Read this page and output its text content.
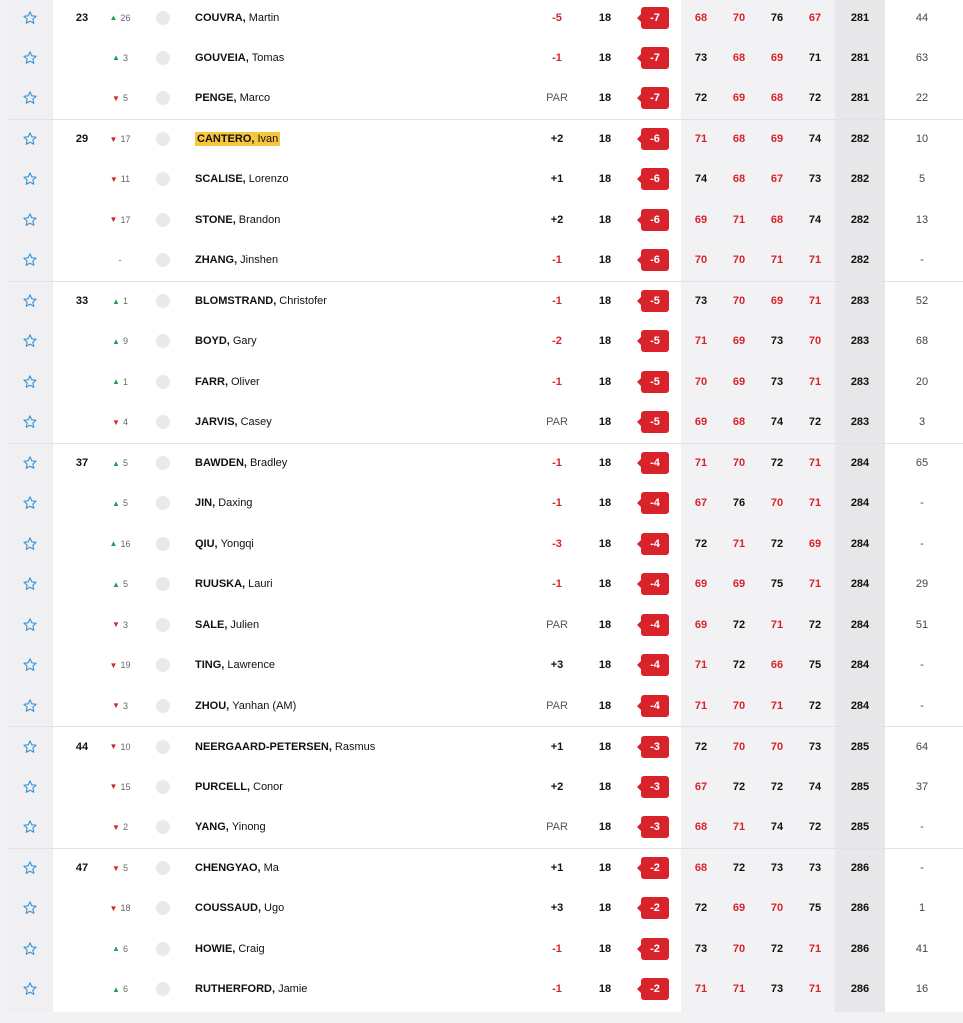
23	▲ 26	COUVRA, Martin	-5	18	-7	68	70	76	67	281	44
▲ 3	GOUVEIA, Tomas	-1	18	-7	73	68	69	71	281	63
▼ 5	PENGE, Marco	PAR	18	-7	72	69	68	72	281	22
29	▼ 17	CANTERO, Ivan	+2	18	-6	71	68	69	74	282	10
▼ 11	SCALISE, Lorenzo	+1	18	-6	74	68	67	73	282	5
▼ 17	STONE, Brandon	+2	18	-6	69	71	68	74	282	13
-	ZHANG, Jinshen	-1	18	-6	70	70	71	71	282	-
33	▲ 1	BLOMSTRAND, Christofer	-1	18	-5	73	70	69	71	283	52
▲ 9	BOYD, Gary	-2	18	-5	71	69	73	70	283	68
▲ 1	FARR, Oliver	-1	18	-5	70	69	73	71	283	20
▼ 4	JARVIS, Casey	PAR	18	-5	69	68	74	72	283	3
37	▲ 5	BAWDEN, Bradley	-1	18	-4	71	70	72	71	284	65
▲ 5	JIN, Daxing	-1	18	-4	67	76	70	71	284	-
▲ 16	QIU, Yongqi	-3	18	-4	72	71	72	69	284	-
▲ 5	RUUSKA, Lauri	-1	18	-4	69	69	75	71	284	29
▼ 3	SALE, Julien	PAR	18	-4	69	72	71	72	284	51
▼ 19	TING, Lawrence	+3	18	-4	71	72	66	75	284	-
▼ 3	ZHOU, Yanhan (AM)	PAR	18	-4	71	70	71	72	284	-
44	▼ 10	NEERGAARD-PETERSEN, Rasmus	+1	18	-3	72	70	70	73	285	64
▼ 15	PURCELL, Conor	+2	18	-3	67	72	72	74	285	37
▼ 2	YANG, Yinong	PAR	18	-3	68	71	74	72	285	-
47	▼ 5	CHENGYAO, Ma	+1	18	-2	68	72	73	73	286	-
▼ 18	COUSSAUD, Ugo	+3	18	-2	72	69	70	75	286	1
▲ 6	HOWIE, Craig	-1	18	-2	73	70	72	71	286	41
▲ 6	RUTHERFORD, Jamie	-1	18	-2	71	71	73	71	286	16
